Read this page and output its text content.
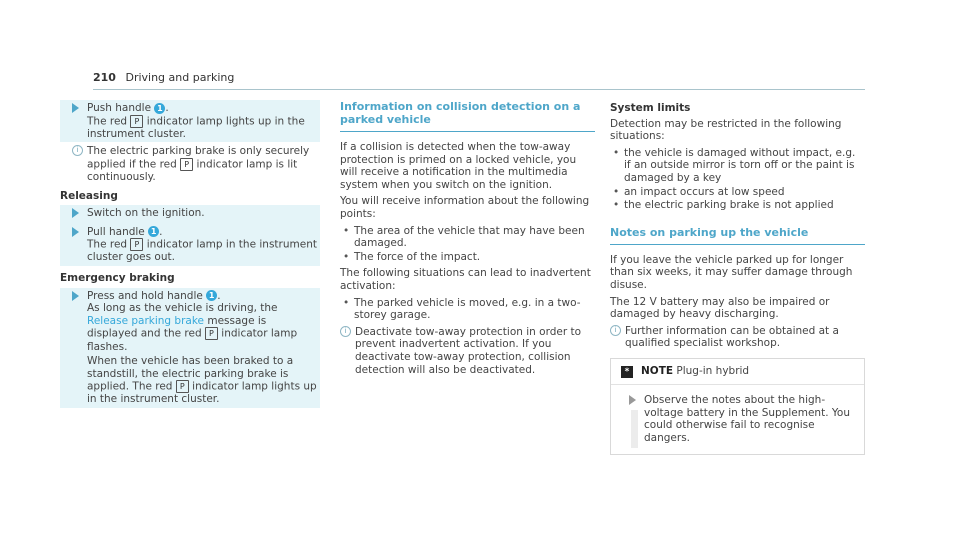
210 Driving and parking
Push handle 1 .
The red P indicator lamp lights up in the instrument cluster.
i The electric parking brake is only securely applied if the red P indicator lamp is lit continuously.
Releasing
Switch on the ignition.
Pull handle 1 .
The red P indicator lamp in the instrument cluster goes out.
Emergency braking
Press and hold handle 1 .
As long as the vehicle is driving, the Release parking brake message is displayed and the red P indicator lamp flashes.
When the vehicle has been braked to a standstill, the electric parking brake is applied. The red P indicator lamp lights up in the instrument cluster.
Information on collision detection on a parked vehicle

If a collision is detected when the tow-away protection is primed on a locked vehicle, you will receive a notification in the multimedia system when you switch on the ignition.

You will receive information about the following points:

• The area of the vehicle that may have been damaged.
• The force of the impact.

The following situations can lead to inadvertent activation:

• The parked vehicle is moved, e.g. in a two-storey garage.
i Deactivate tow-away protection in order to prevent inadvertent activation. If you deactivate tow-away protection, collision detection will also be deactivated.
System limits

Detection may be restricted in the following situations:

• the vehicle is damaged without impact, e.g. if an outside mirror is torn off or the paint is damaged by a key
• an impact occurs at low speed
• the electric parking brake is not applied
Notes on parking up the vehicle

If you leave the vehicle parked up for longer than six weeks, it may suffer damage through disuse.

The 12 V battery may also be impaired or damaged by heavy discharging.

i Further information can be obtained at a qualified specialist workshop.
* NOTE Plug-in hybrid
Observe the notes about the high-voltage battery in the Supplement. You could otherwise fail to recognise dangers.
